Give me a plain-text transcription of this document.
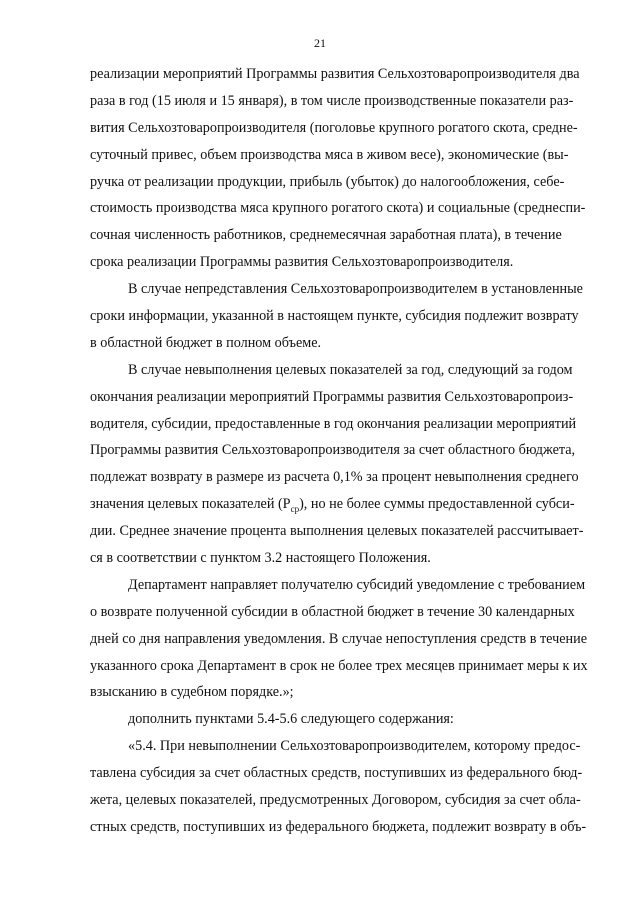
21
реализации мероприятий Программы развития Сельхозтоваропроизводителя два
раза в год (15 июля и 15 января), в том числе производственные показатели раз-
вития Сельхозтоваропроизводителя (поголовье крупного рогатого скота, средне-
суточный привес, объем производства мяса в живом весе), экономические (вы-
ручка от реализации продукции, прибыль (убыток) до налогообложения, себе-
стоимость производства мяса крупного рогатого скота) и социальные (среднеспи-
сочная численность работников, среднемесячная заработная плата), в течение
срока реализации Программы развития Сельхозтоваропроизводителя.
В случае непредставления Сельхозтоваропроизводителем в установленные
сроки информации, указанной в настоящем пункте, субсидия подлежит возврату
в областной бюджет в полном объеме.
В случае невыполнения целевых показателей за год, следующий за годом
окончания реализации мероприятий Программы развития Сельхозтоваропроиз-
водителя, субсидии, предоставленные в год окончания реализации мероприятий
Программы развития Сельхозтоваропроизводителя за счет областного бюджета,
подлежат возврату в размере из расчета 0,1% за процент невыполнения среднего
значения целевых показателей $(P_{ср})$, но не более суммы предоставленной субси-
дии. Среднее значение процента выполнения целевых показателей рассчитывает-
ся в соответствии с пунктом 3.2 настоящего Положения.
Департамент направляет получателю субсидий уведомление с требованием
о возврате полученной субсидии в областной бюджет в течение 30 календарных
дней со дня направления уведомления. В случае непоступления средств в течение
указанного срока Департамент в срок не более трех месяцев принимает меры к их
взысканию в судебном порядке.»;
дополнить пунктами 5.4-5.6 следующего содержания:
«5.4. При невыполнении Сельхозтоваропроизводителем, которому предос-
тавлена субсидия за счет областных средств, поступивших из федерального бюд-
жета, целевых показателей, предусмотренных Договором, субсидия за счет обла-
стных средств, поступивших из федерального бюджета, подлежит возврату в объ-
